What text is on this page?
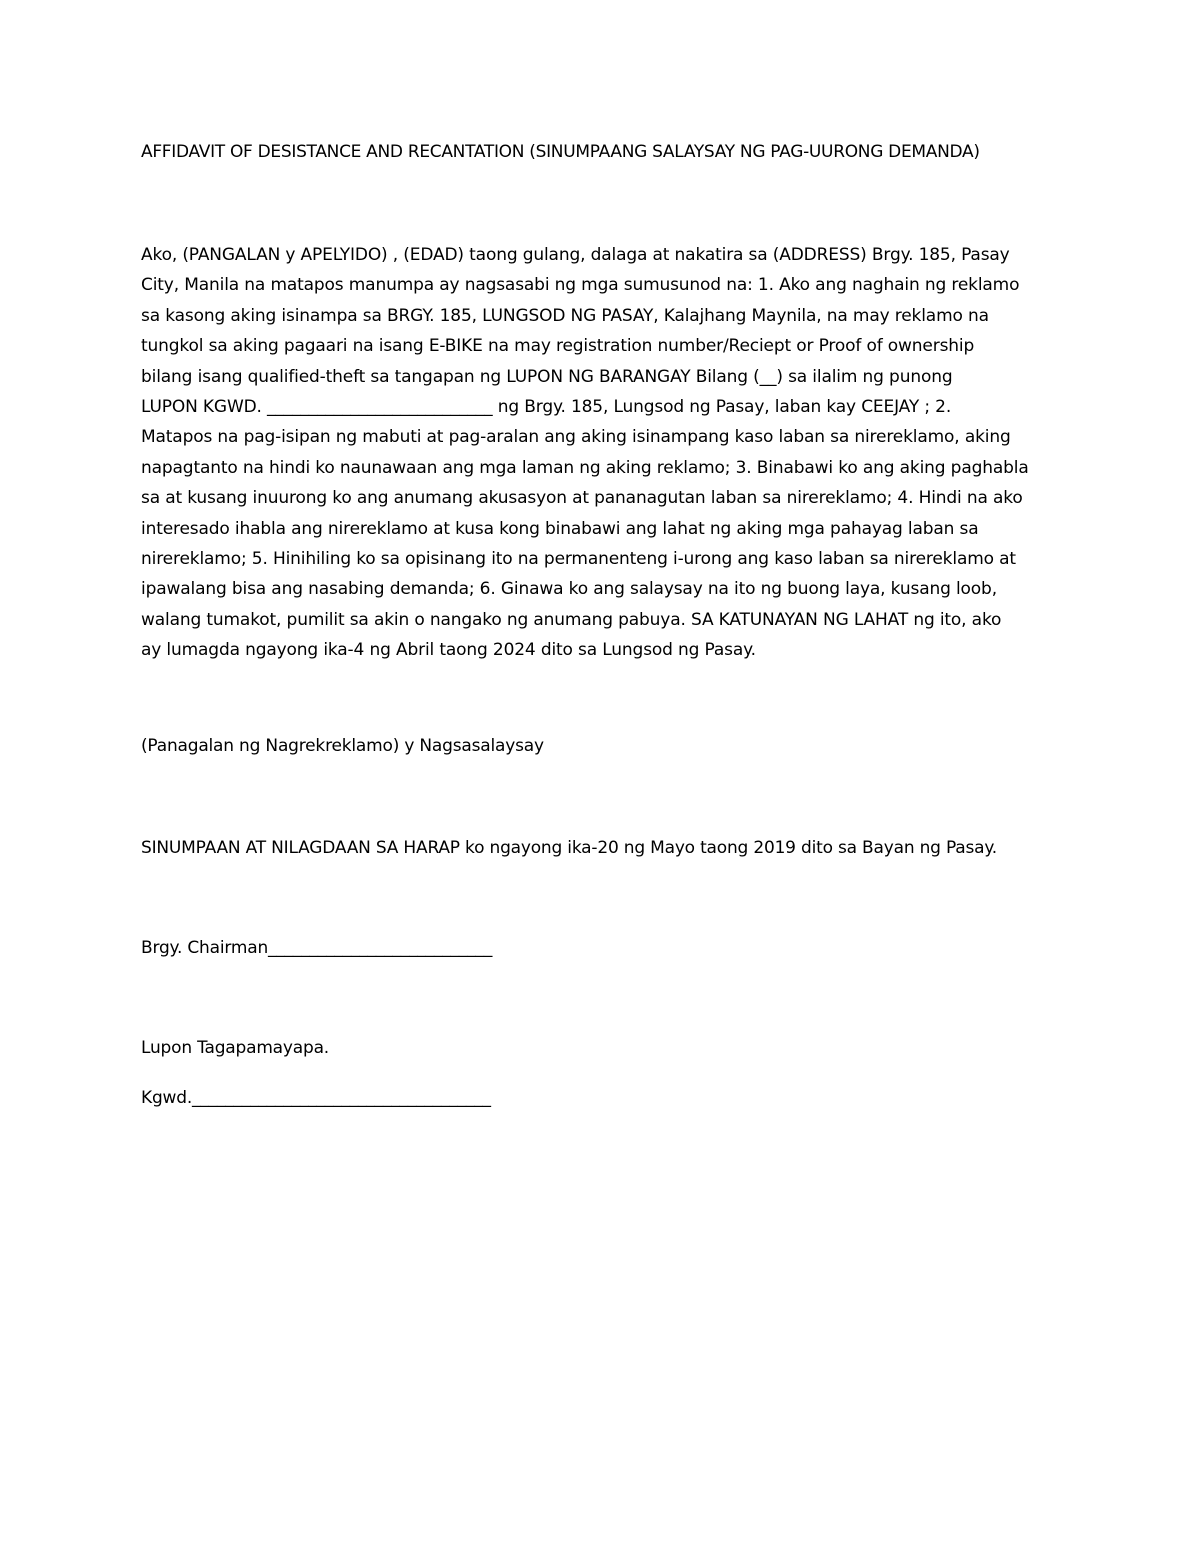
AFFIDAVIT OF DESISTANCE AND RECANTATION (SINUMPAANG SALAYSAY NG PAG-UURONG DEMANDA)
Ako, (PANGALAN y APELYIDO) , (EDAD) taong gulang, dalaga at nakatira sa (ADDRESS) Brgy. 185, Pasay
City, Manila na matapos manumpa ay nagsasabi ng mga sumusunod na: 1. Ako ang naghain ng reklamo
sa kasong aking isinampa sa BRGY. 185, LUNGSOD NG PASAY, Kalajhang Maynila, na may reklamo na
tungkol sa aking pagaari na isang E-BIKE na may registration number/Reciept or Proof of ownership
bilang isang qualified-theft sa tangapan ng LUPON NG BARANGAY Bilang (__) sa ilalim ng punong
LUPON KGWD. ___________________________ ng Brgy. 185, Lungsod ng Pasay, laban kay CEEJAY ; 2.
Matapos na pag-isipan ng mabuti at pag-aralan ang aking isinampang kaso laban sa nirereklamo, aking
napagtanto na hindi ko naunawaan ang mga laman ng aking reklamo; 3. Binabawi ko ang aking paghabla
sa at kusang inuurong ko ang anumang akusasyon at pananagutan laban sa nirereklamo; 4. Hindi na ako
interesado ihabla ang nirereklamo at kusa kong binabawi ang lahat ng aking mga pahayag laban sa
nirereklamo; 5. Hinihiling ko sa opisinang ito na permanenteng i-urong ang kaso laban sa nirereklamo at
ipawalang bisa ang nasabing demanda; 6. Ginawa ko ang salaysay na ito ng buong laya, kusang loob,
walang tumakot, pumilit sa akin o nangako ng anumang pabuya. SA KATUNAYAN NG LAHAT ng ito, ako
ay lumagda ngayong ika-4 ng Abril taong 2024 dito sa Lungsod ng Pasay.
(Panagalan ng Nagrekreklamo) y Nagsasalaysay
SINUMPAAN AT NILAGDAAN SA HARAP ko ngayong ika-20 ng Mayo taong 2019 dito sa Bayan ng Pasay.
Brgy. Chairman___________________________
Lupon Tagapamayapa.
Kgwd.____________________________________
